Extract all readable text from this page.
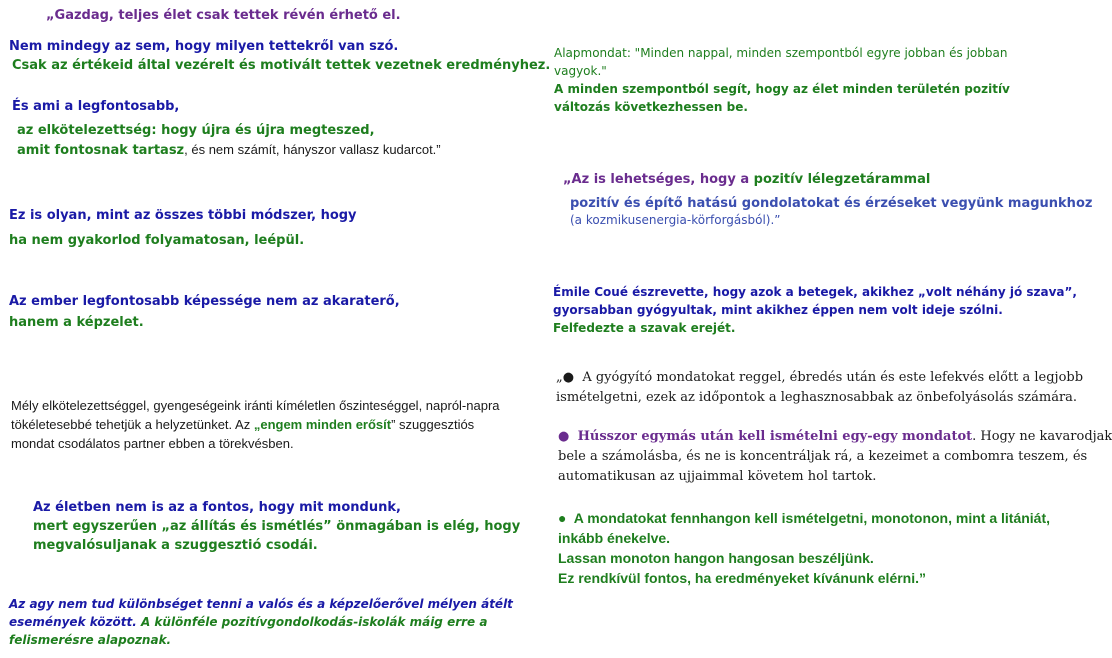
„Gazdag, teljes élet csak tettek révén érhető el.
Nem mindegy az sem, hogy milyen tettekről van szó.
Csak az értékeid által vezérelt és motivált tettek vezetnek eredményhez.
És ami a legfontosabb,
az elkötelezettség: hogy újra és újra megteszed,
amit fontosnak tartasz, és nem számít, hányszor vallasz kudarcot.”
Ez is olyan, mint az összes többi módszer, hogy
ha nem gyakorlod folyamatosan, leépül.
Az ember legfontosabb képessége nem az akaraterő,
hanem a képzelet.
Mély elkötelezettséggel, gyengeségeink iránti kíméletlen őszinteséggel, napról-napra
tökéletesebbé tehetjük a helyzetünket. Az „engem minden erősít” szuggesztiós
mondat csodálatos partner ebben a törekvésben.
Az életben nem is az a fontos, hogy mit mondunk,
mert egyszerűen „az állítás és ismétlés” önmagában is elég, hogy
megvalósuljanak a szuggesztió csodái.
Az agy nem tud különbséget tenni a valós és a képzelőerővel mélyen átélt
események között. A különféle pozitívgondolkodás-iskolák máig erre a
felismerésre alapoznak.
Alapmondat: "Minden nappal, minden szempontból egyre jobban és jobban vagyok."
A minden szempontból segít, hogy az élet minden területén pozitív változás következhessen be.
„Az is lehetséges, hogy a pozitív lélegzetárammal
pozitív és építő hatású gondolatokat és érzéseket vegyünk magunkhoz
(a kozmikusenergia-körforgásból).”
Émile Coué észrevette, hogy azok a betegek, akikhez „volt néhány jó szava”,
gyorsabban gyógyultak, mint akikhez éppen nem volt ideje szólni.
Felfedezte a szavak erejét.
„● A gyógyító mondatokat reggel, ébredés után és este lefekvés előtt a legjobb
ismételgetni, ezek az időpontok a leghasznosabbak az önbefolyásolás számára.
● Hússzor egymás után kell ismételni egy-egy mondatot. Hogy ne kavarodjak
bele a számolásba, és ne is koncentráljak rá, a kezeimet a combomra teszem, és
automatikusan az ujjaimmal követem hol tartok.
● A mondatokat fennhangon kell ismételgetni, monotonon, mint a litániát,
inkább énekelve.
Lassan monoton hangon hangosan beszéljünk.
Ez rendkívül fontos, ha eredményeket kívánunk elérni.”
